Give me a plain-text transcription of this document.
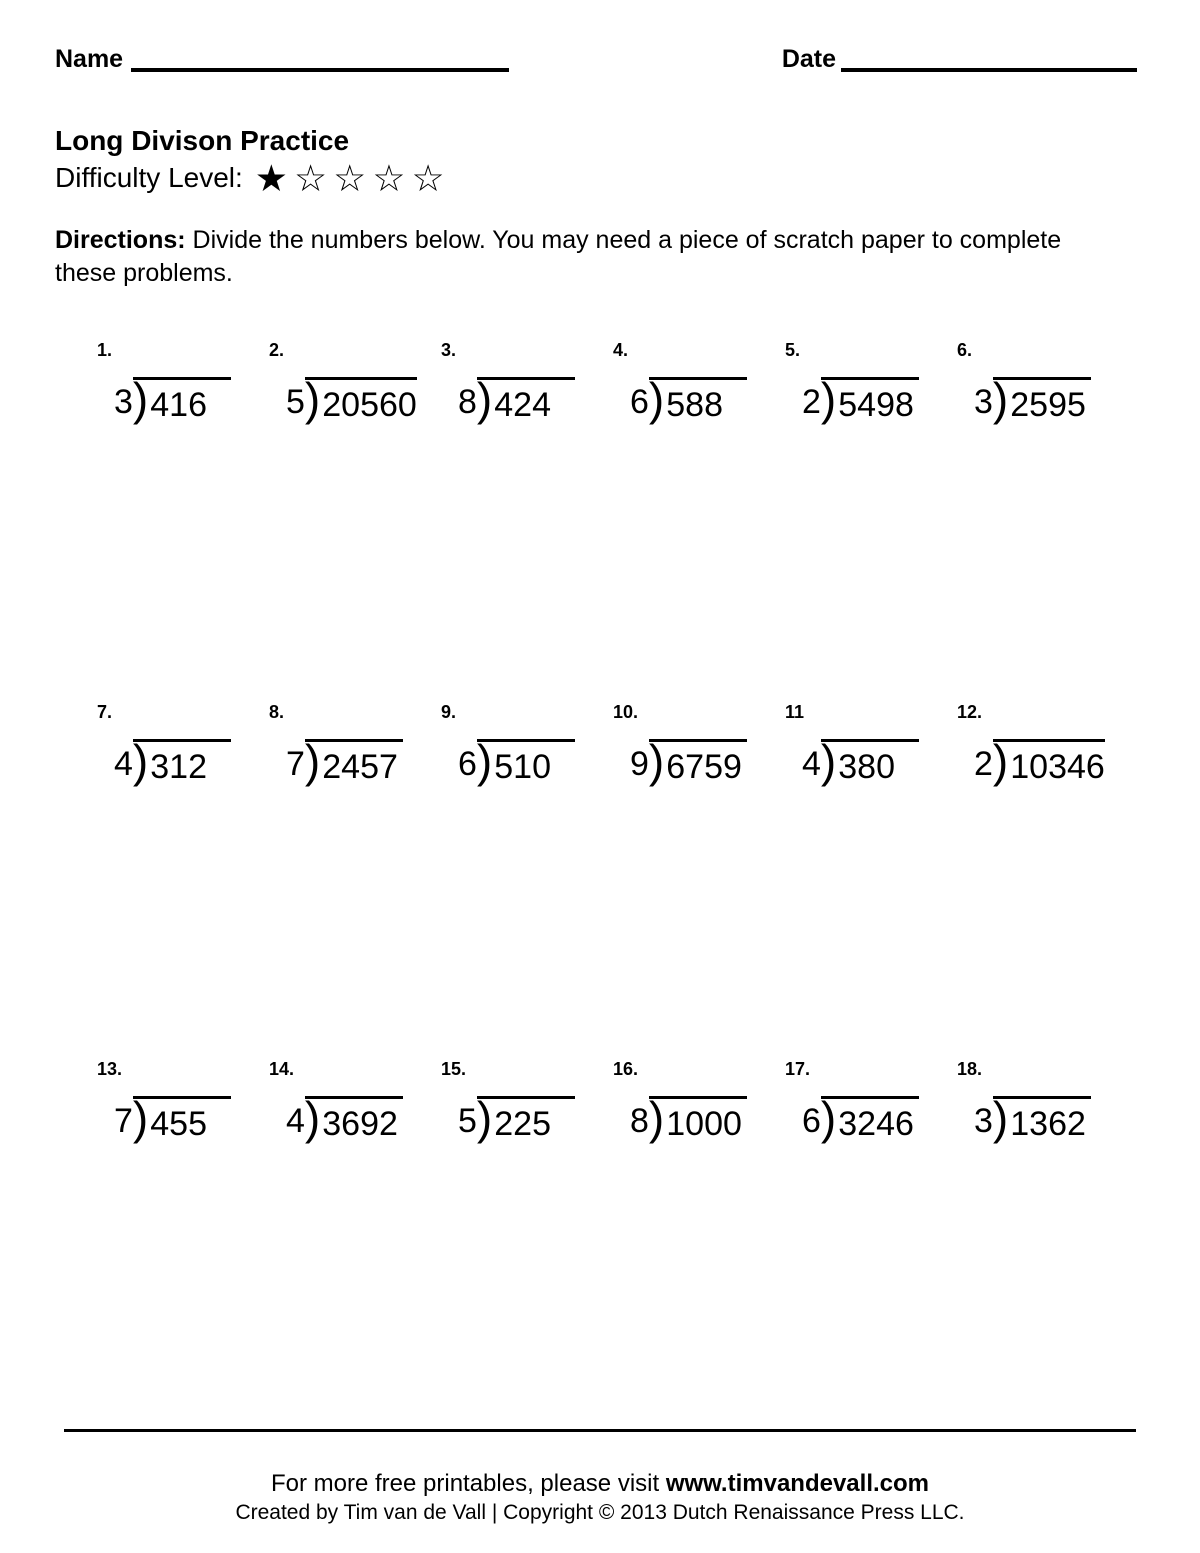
Name	Date
Long Divison Practice
Difficulty Level: ★☆☆☆☆
Directions: Divide the numbers below. You may need a piece of scratch paper to complete these problems.
1.
3 ) 416
2.
5 ) 20560
3.
8 ) 424
4.
6 ) 588
5.
2 ) 5498
6.
3 ) 2595
7.
4 ) 312
8.
7 ) 2457
9.
6 ) 510
10.
9 ) 6759
11
4 ) 380
12.
2 ) 10346
13.
7 ) 455
14.
4 ) 3692
15.
5 ) 225
16.
8 ) 1000
17.
6 ) 3246
18.
3 ) 1362
For more free printables, please visit www.timvandevall.com
Created by Tim van de Vall | Copyright © 2013 Dutch Renaissance Press LLC.
